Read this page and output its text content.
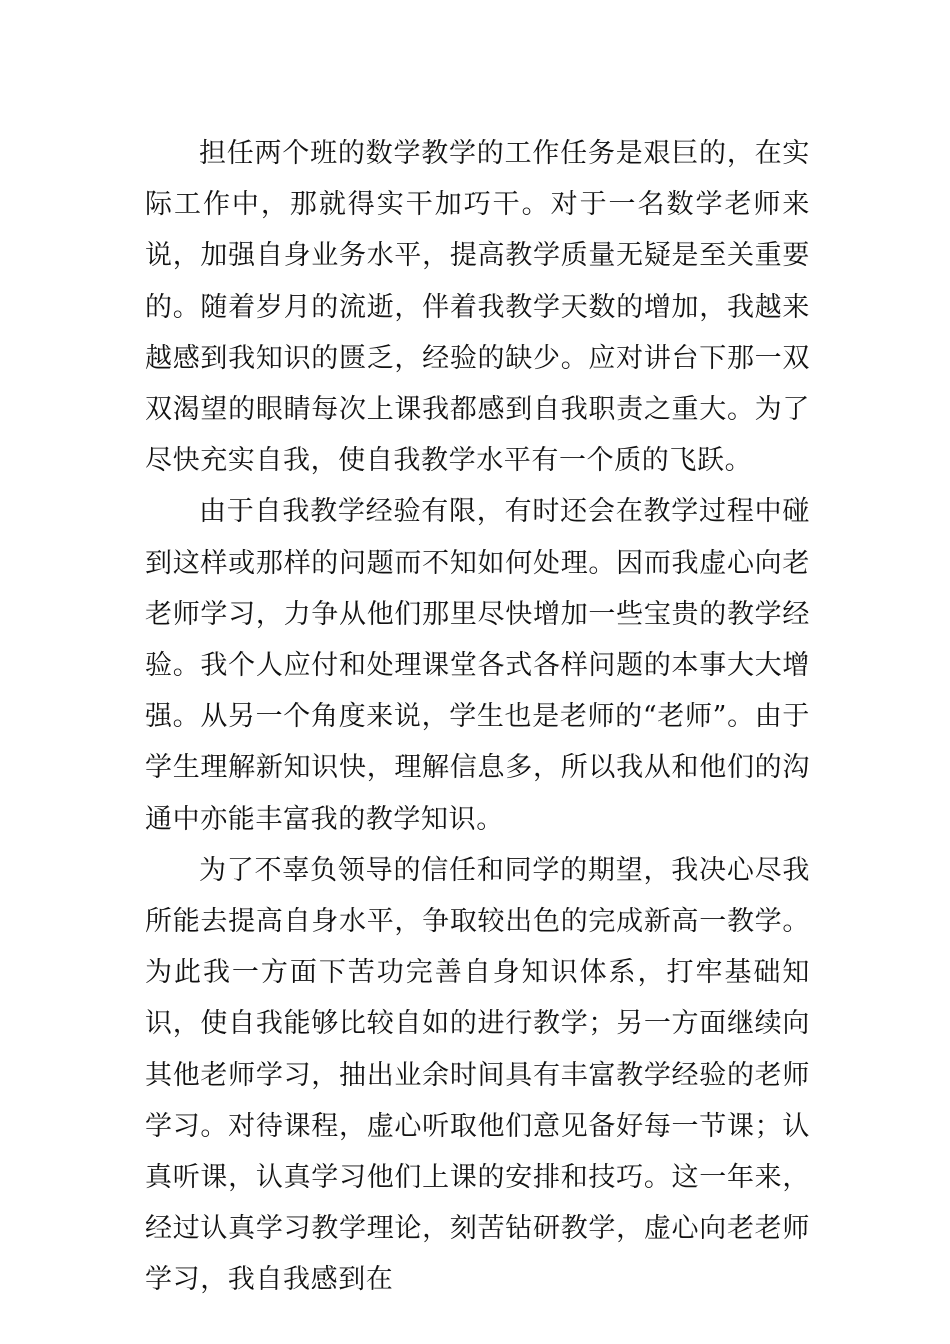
担任两个班的数学教学的工作任务是艰巨的，在实际工作中，那就得实干加巧干。对于一名数学老师来说，加强自身业务水平，提高教学质量无疑是至关重要的。随着岁月的流逝，伴着我教学天数的增加，我越来越感到我知识的匮乏，经验的缺少。应对讲台下那一双双渴望的眼睛每次上课我都感到自我职责之重大。为了尽快充实自我，使自我教学水平有一个质的飞跃。

由于自我教学经验有限，有时还会在教学过程中碰到这样或那样的问题而不知如何处理。因而我虚心向老老师学习，力争从他们那里尽快增加一些宝贵的教学经验。我个人应付和处理课堂各式各样问题的本事大大增强。从另一个角度来说，学生也是老师的“老师”。由于学生理解新知识快，理解信息多，所以我从和他们的沟通中亦能丰富我的教学知识。

为了不辜负领导的信任和同学的期望，我决心尽我所能去提高自身水平，争取较出色的完成新高一教学。为此我一方面下苦功完善自身知识体系，打牢基础知识，使自我能够比较自如的进行教学；另一方面继续向其他老师学习，抽出业余时间具有丰富教学经验的老师学习。对待课程，虚心听取他们意见备好每一节课；认真听课，认真学习他们上课的安排和技巧。这一年来，经过认真学习教学理论，刻苦钻研教学，虚心向老老师学习，我自我感到在
